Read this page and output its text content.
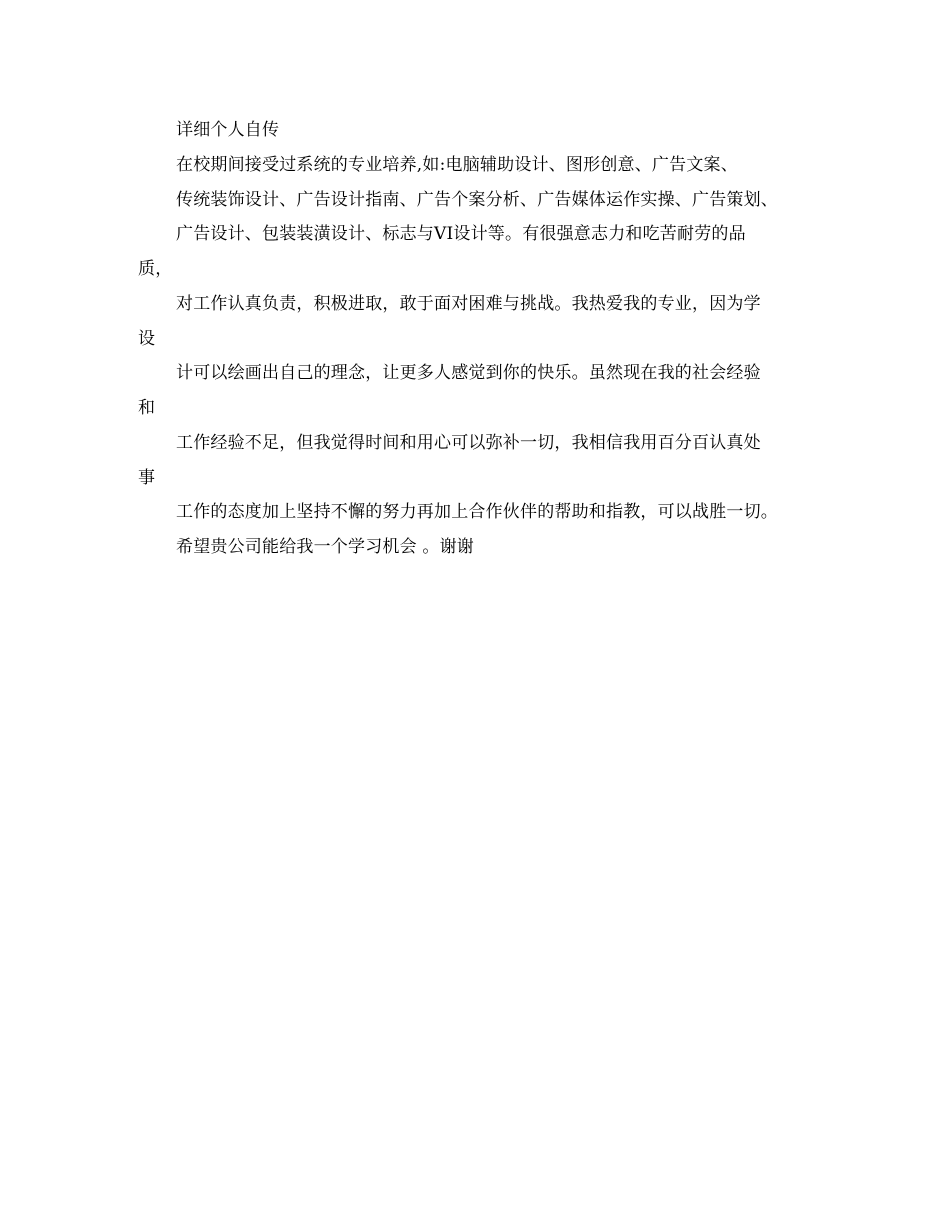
详细个人自传
在校期间接受过系统的专业培养,如:电脑辅助设计、图形创意、广告文案、
传统装饰设计、广告设计指南、广告个案分析、广告媒体运作实操、广告策划、
广告设计、包装装潢设计、标志与VI设计等。有很强意志力和吃苦耐劳的品
质，
对工作认真负责，积极进取，敢于面对困难与挑战。我热爱我的专业，因为学
设
计可以绘画出自己的理念，让更多人感觉到你的快乐。虽然现在我的社会经验
和
工作经验不足，但我觉得时间和用心可以弥补一切，我相信我用百分百认真处
事
工作的态度加上坚持不懈的努力再加上合作伙伴的帮助和指教，可以战胜一切。
希望贵公司能给我一个学习机会 。谢谢
